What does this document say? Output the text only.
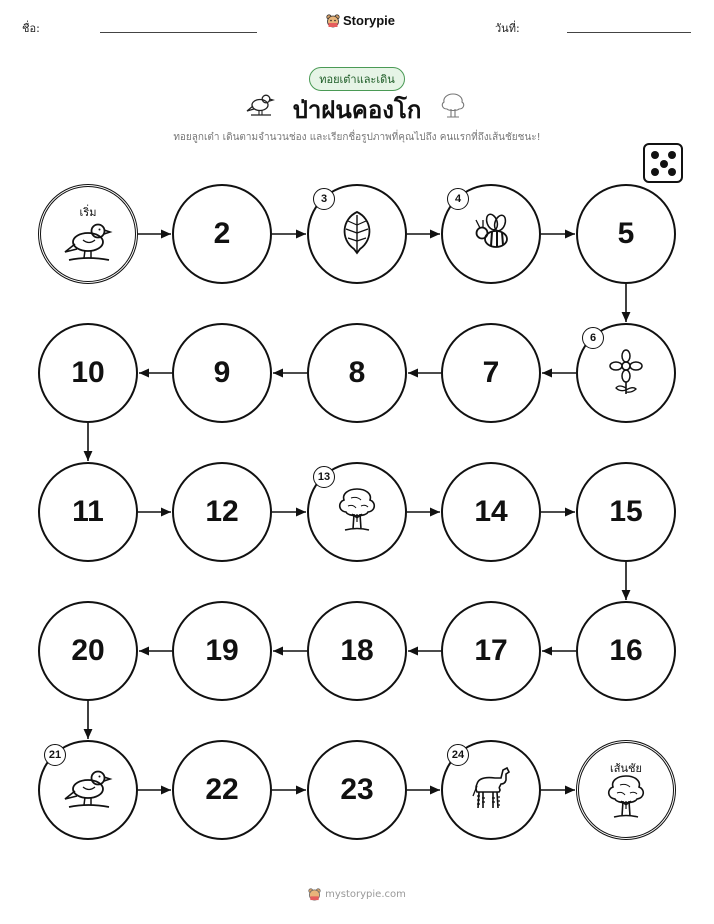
ชื่อ:
Storypie
วันที่:
ทอยเต๋าและเดิน
ป่าฝนคองโก
ทอยลูกเต๋า เดินตามจำนวนช่อง และเรียกชื่อรูปภาพที่คุณไปถึง คนแรกที่ถึงเส้นชัยชนะ!
เริ่ม
2
3	4
5
6
7
8
9
10
11	12
13
14	15
16
17
18
19
20
21
22	23
24
เส้นชัย
mystorypie.com
